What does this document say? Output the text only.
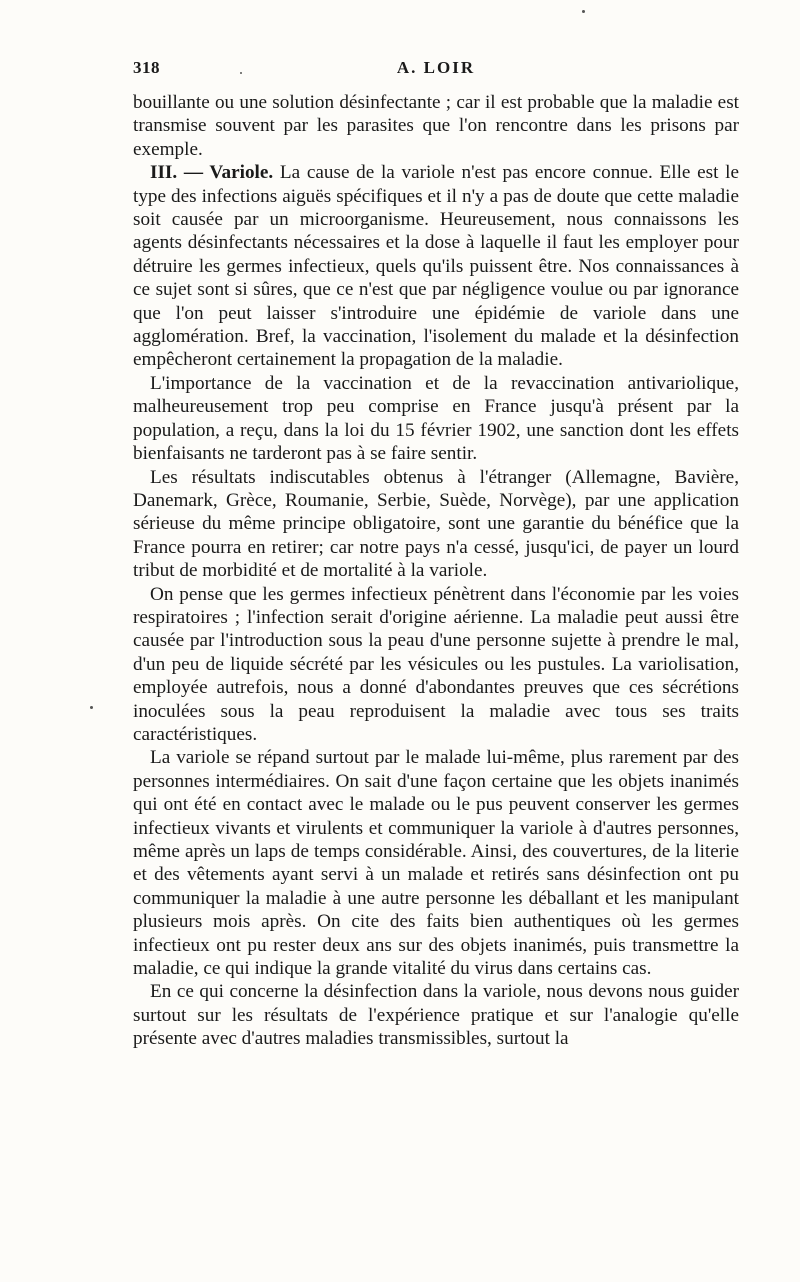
318	A. LOIR

bouillante ou une solution désinfectante ; car il est probable que la maladie est transmise souvent par les parasites que l'on rencontre dans les prisons par exemple.

III. — Variole. La cause de la variole n'est pas encore connue. Elle est le type des infections aiguës spécifiques et il n'y a pas de doute que cette maladie soit causée par un microorganisme. Heureusement, nous connaissons les agents désinfectants nécessaires et la dose à laquelle il faut les employer pour détruire les germes infectieux, quels qu'ils puissent être. Nos connaissances à ce sujet sont si sûres, que ce n'est que par négligence voulue ou par ignorance que l'on peut laisser s'introduire une épidémie de variole dans une agglomération. Bref, la vaccination, l'isolement du malade et la désinfection empêcheront certainement la propagation de la maladie.

L'importance de la vaccination et de la revaccination antivariolique, malheureusement trop peu comprise en France jusqu'à présent par la population, a reçu, dans la loi du 15 février 1902, une sanction dont les effets bienfaisants ne tarderont pas à se faire sentir.

Les résultats indiscutables obtenus à l'étranger (Allemagne, Bavière, Danemark, Grèce, Roumanie, Serbie, Suède, Norvège), par une application sérieuse du même principe obligatoire, sont une garantie du bénéfice que la France pourra en retirer; car notre pays n'a cessé, jusqu'ici, de payer un lourd tribut de morbidité et de mortalité à la variole.

On pense que les germes infectieux pénètrent dans l'économie par les voies respiratoires ; l'infection serait d'origine aérienne. La maladie peut aussi être causée par l'introduction sous la peau d'une personne sujette à prendre le mal, d'un peu de liquide sécrété par les vésicules ou les pustules. La variolisation, employée autrefois, nous a donné d'abondantes preuves que ces sécrétions inoculées sous la peau reproduisent la maladie avec tous ses traits caractéristiques.

La variole se répand surtout par le malade lui-même, plus rarement par des personnes intermédiaires. On sait d'une façon certaine que les objets inanimés qui ont été en contact avec le malade ou le pus peuvent conserver les germes infectieux vivants et virulents et communiquer la variole à d'autres personnes, même après un laps de temps considérable. Ainsi, des couvertures, de la literie et des vêtements ayant servi à un malade et retirés sans désinfection ont pu communiquer la maladie à une autre personne les déballant et les manipulant plusieurs mois après. On cite des faits bien authentiques où les germes infectieux ont pu rester deux ans sur des objets inanimés, puis transmettre la maladie, ce qui indique la grande vitalité du virus dans certains cas.

En ce qui concerne la désinfection dans la variole, nous devons nous guider surtout sur les résultats de l'expérience pratique et sur l'analogie qu'elle présente avec d'autres maladies transmissibles, surtout la
